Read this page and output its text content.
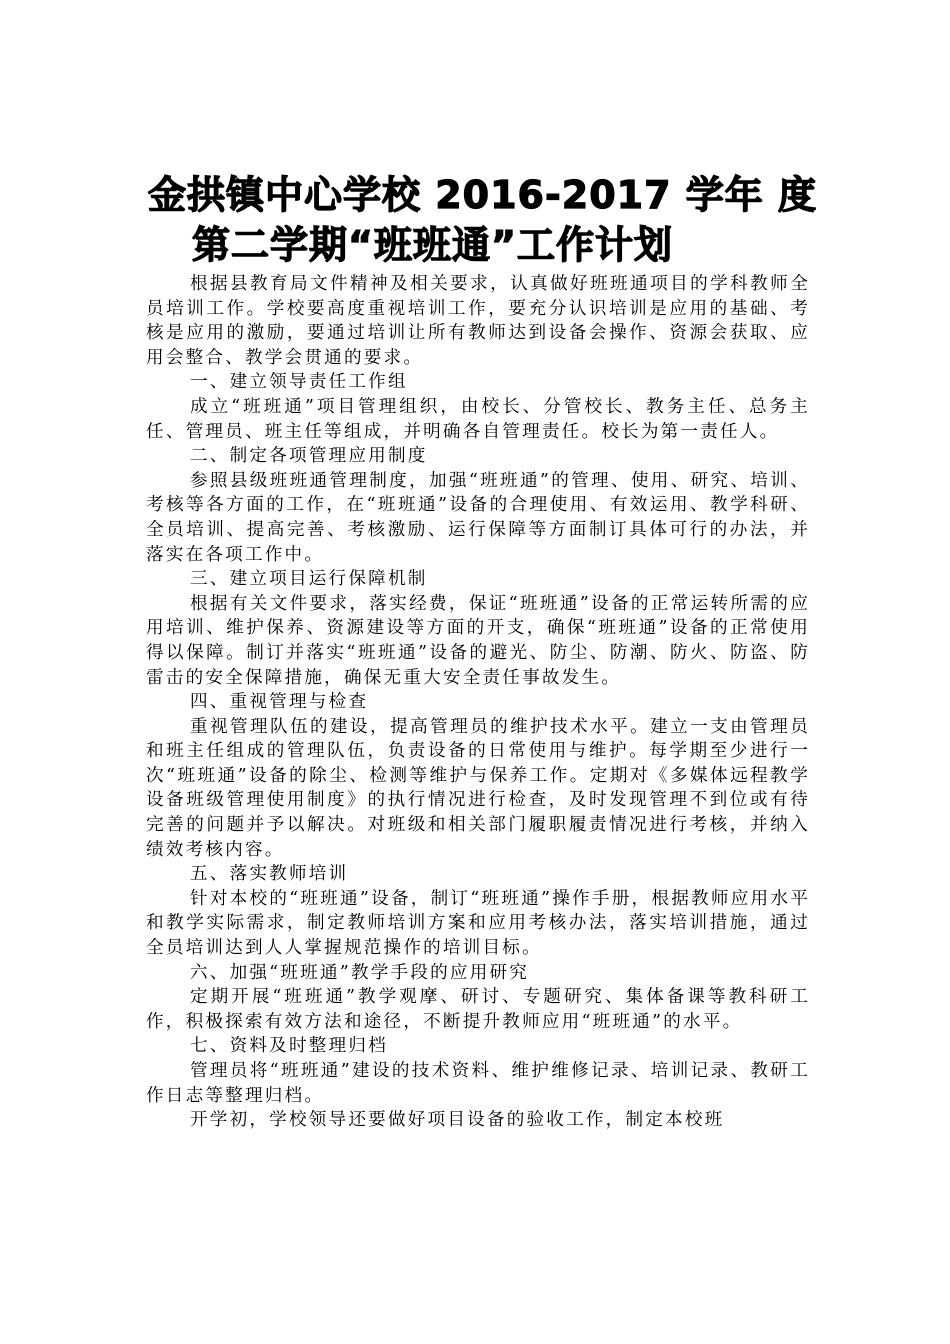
金拱镇中心学校 2016-2017 学年 度
第二学期“班班通”工作计划

根据县教育局文件精神及相关要求，认真做好班班通项目的学科教师全员培训工作。学校要高度重视培训工作，要充分认识培训是应用的基础、考核是应用的激励，要通过培训让所有教师达到设备会操作、资源会获取、应用会整合、教学会贯通的要求。

一、建立领导责任工作组

成立“班班通”项目管理组织，由校长、分管校长、教务主任、总务主任、管理员、班主任等组成，并明确各自管理责任。校长为第一责任人。

二、制定各项管理应用制度

参照县级班班通管理制度，加强“班班通”的管理、使用、研究、培训、考核等各方面的工作，在“班班通”设备的合理使用、有效运用、教学科研、全员培训、提高完善、考核激励、运行保障等方面制订具体可行的办法，并落实在各项工作中。

三、建立项目运行保障机制

根据有关文件要求，落实经费，保证“班班通”设备的正常运转所需的应用培训、维护保养、资源建设等方面的开支，确保“班班通”设备的正常使用得以保障。制订并落实“班班通”设备的避光、防尘、防潮、防火、防盗、防雷击的安全保障措施，确保无重大安全责任事故发生。

四、重视管理与检查

重视管理队伍的建设，提高管理员的维护技术水平。建立一支由管理员和班主任组成的管理队伍，负责设备的日常使用与维护。每学期至少进行一次“班班通”设备的除尘、检测等维护与保养工作。定期对《多媒体远程教学设备班级管理使用制度》的执行情况进行检查，及时发现管理不到位或有待完善的问题并予以解决。对班级和相关部门履职履责情况进行考核，并纳入绩效考核内容。

五、落实教师培训

针对本校的“班班通”设备，制订“班班通”操作手册，根据教师应用水平和教学实际需求，制定教师培训方案和应用考核办法，落实培训措施，通过全员培训达到人人掌握规范操作的培训目标。

六、加强“班班通”教学手段的应用研究

定期开展“班班通”教学观摩、研讨、专题研究、集体备课等教科研工作，积极探索有效方法和途径，不断提升教师应用“班班通”的水平。

七、资料及时整理归档

管理员将“班班通”建设的技术资料、维护维修记录、培训记录、教研工作日志等整理归档。

开学初，学校领导还要做好项目设备的验收工作，制定本校班
